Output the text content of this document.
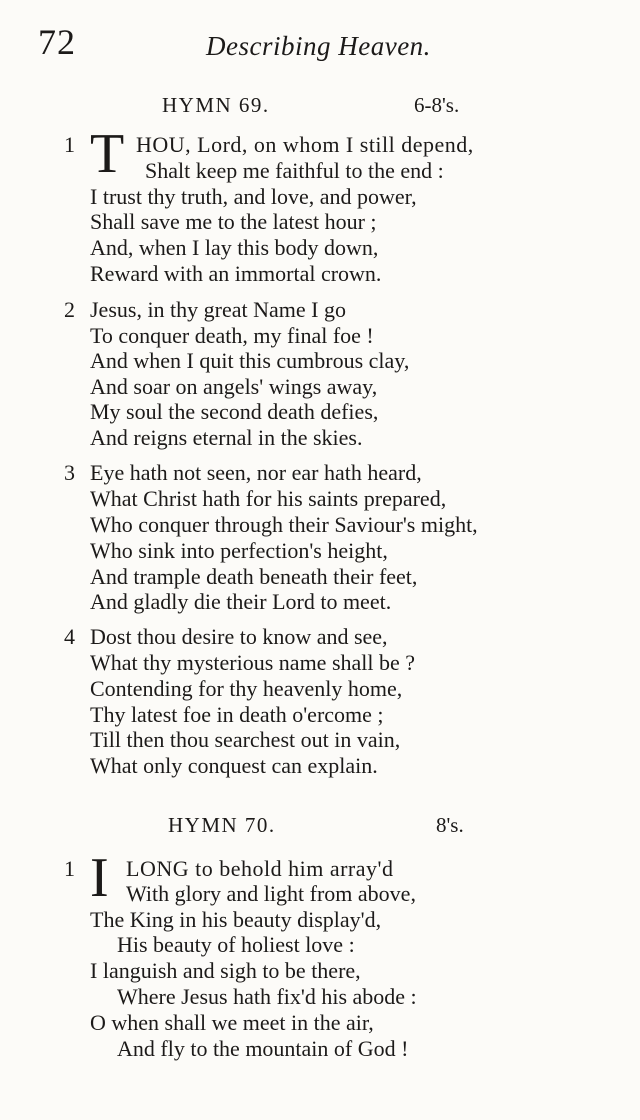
72	Describing Heaven.
HYMN 69.	6-8's.
1 T HOU, Lord, on whom I still depend,
Shalt keep me faithful to the end :
I trust thy truth, and love, and power,
Shall save me to the latest hour ;
And, when I lay this body down,
Reward with an immortal crown.
2 Jesus, in thy great Name I go
To conquer death, my final foe !
And when I quit this cumbrous clay,
And soar on angels' wings away,
My soul the second death defies,
And reigns eternal in the skies.
3 Eye hath not seen, nor ear hath heard,
What Christ hath for his saints prepared,
Who conquer through their Saviour's might,
Who sink into perfection's height,
And trample death beneath their feet,
And gladly die their Lord to meet.
4 Dost thou desire to know and see,
What thy mysterious name shall be ?
Contending for thy heavenly home,
Thy latest foe in death o'ercome ;
Till then thou searchest out in vain,
What only conquest can explain.
HYMN 70.	8's.
1 I LONG to behold him array'd
With glory and light from above,
The King in his beauty display'd,
His beauty of holiest love :
I languish and sigh to be there,
Where Jesus hath fix'd his abode :
O when shall we meet in the air,
And fly to the mountain of God !
